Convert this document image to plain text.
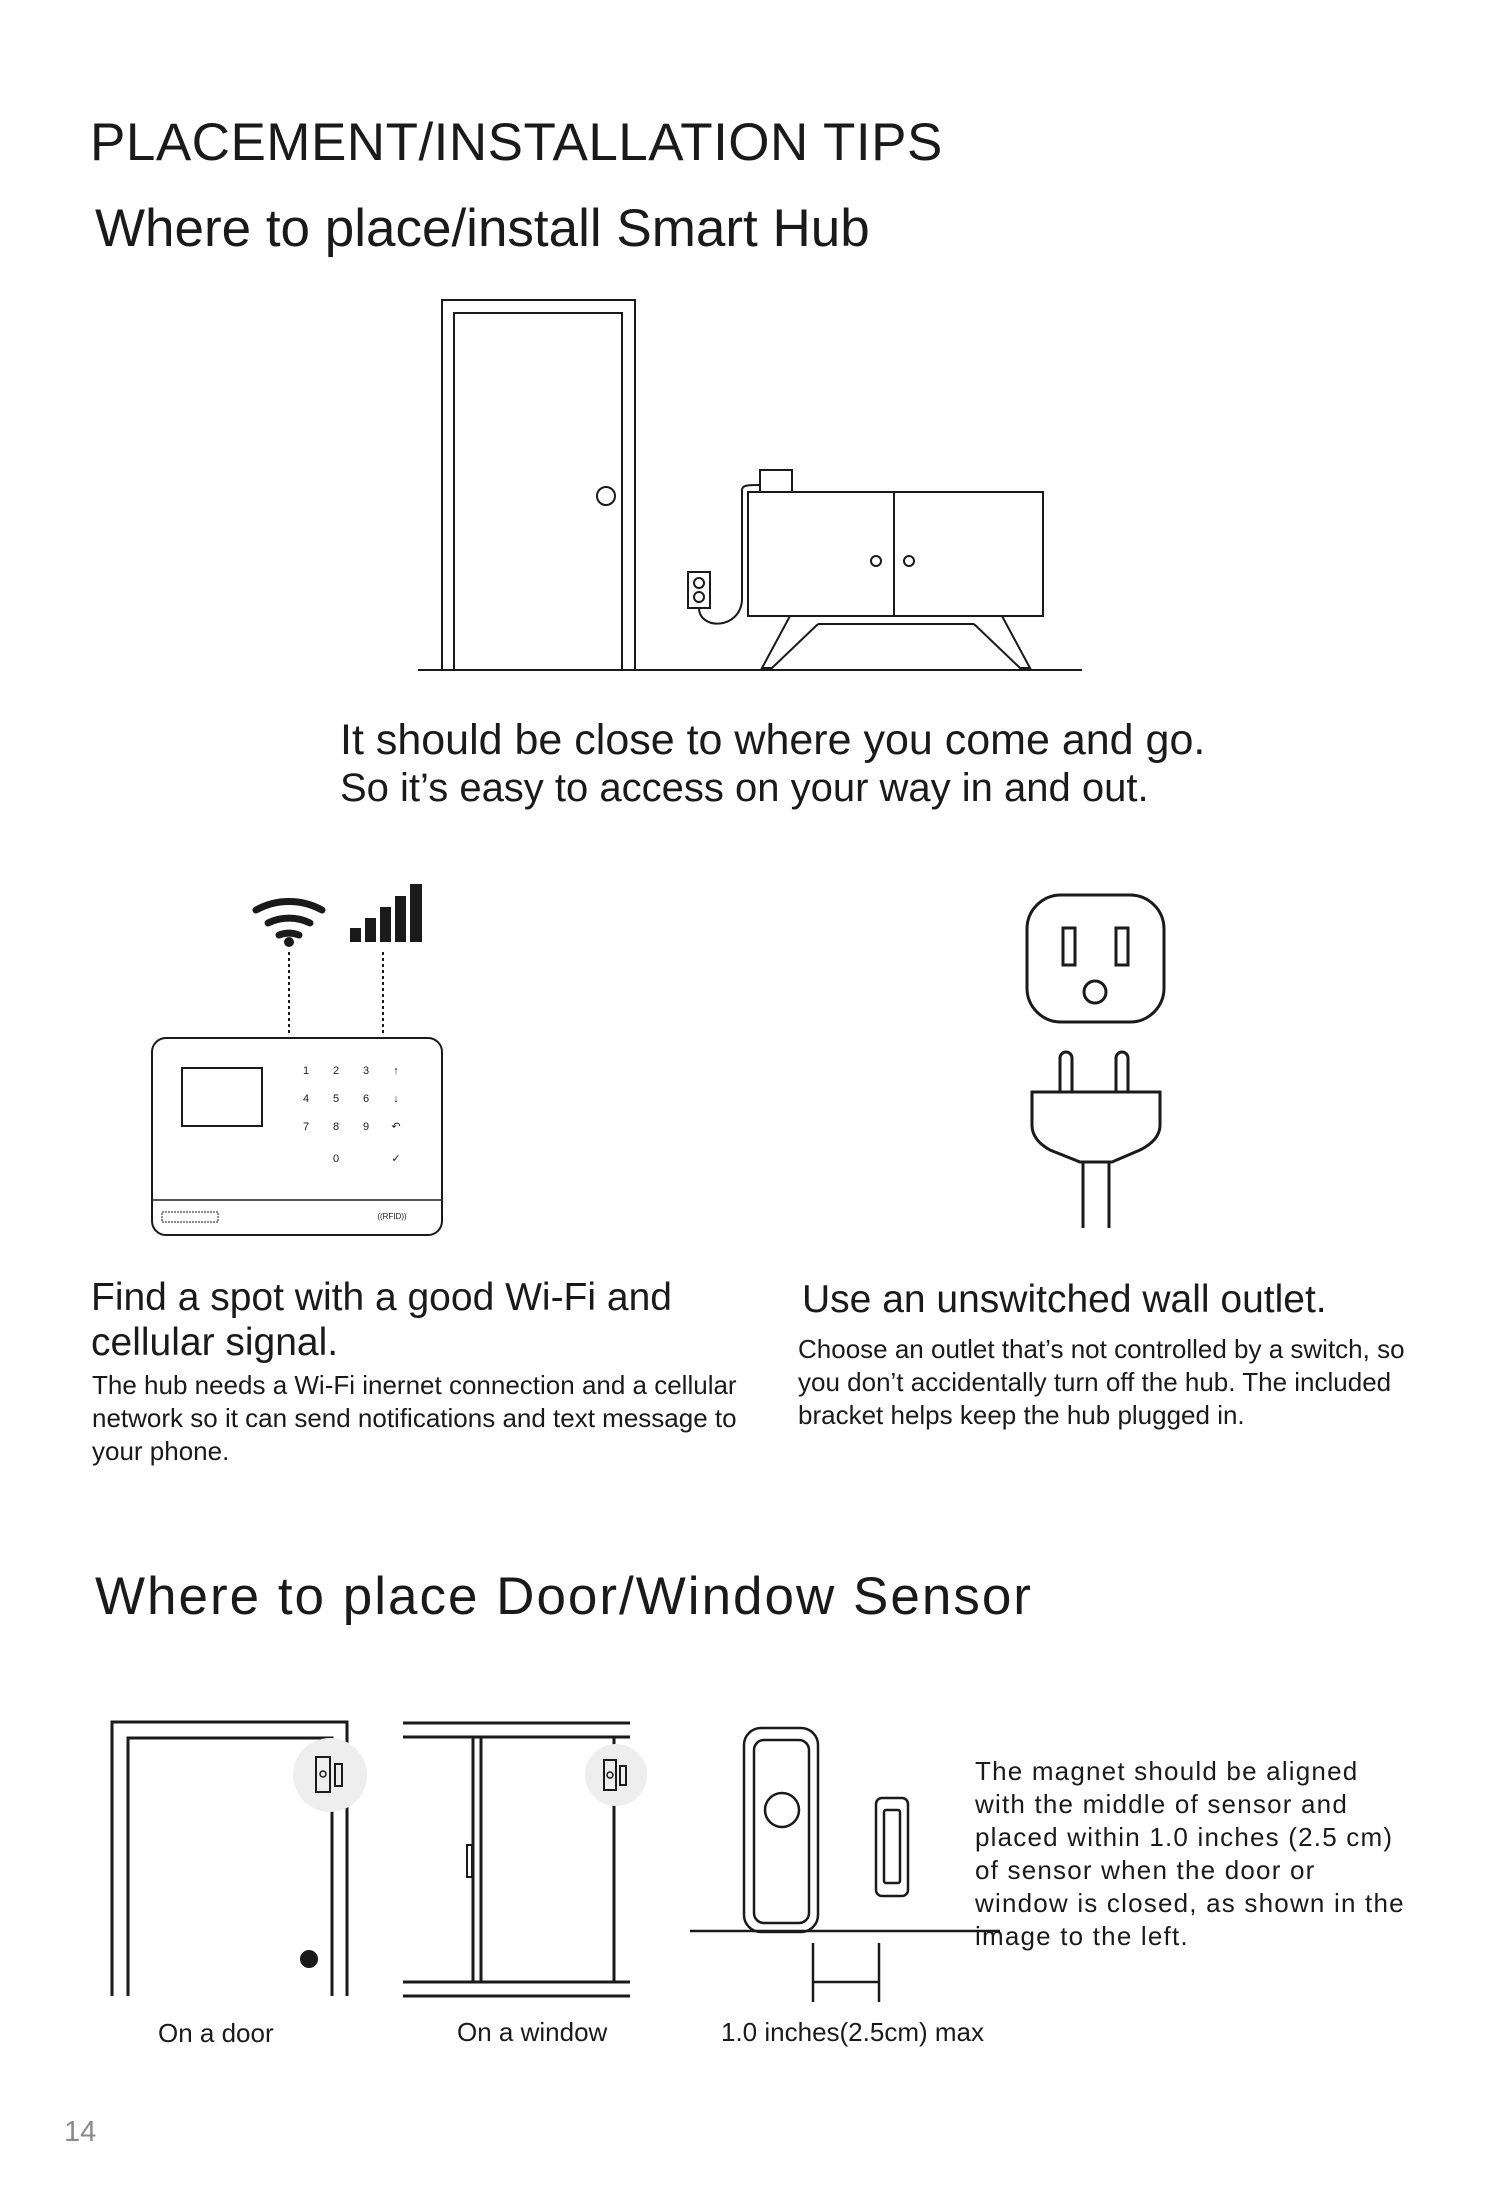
PLACEMENT/INSTALLATION TIPS
Where to place/install Smart Hub

It should be close to where you come and go.

So it’s easy to access on your way in and out.

1 2 3 ↑
4 5 6 ↓
7 8 9 ↶
0	✓
((RFID))

Find a spot with a good Wi-Fi and

cellular signal.

The hub needs a Wi-Fi inernet connection and a cellular network so it can send notifications and text message to your phone.

Use an unswitched wall outlet.

Choose an outlet that’s not controlled by a switch, so you don’t accidentally turn off the hub. The included bracket helps keep the hub plugged in.

Where to place Door/Window Sensor

The magnet should be aligned with the middle of sensor and placed within 1.0 inches (2.5 cm) of sensor when the door or window is closed, as shown in the image to the left.

On a door	On a window	1.0 inches(2.5cm) max

14
